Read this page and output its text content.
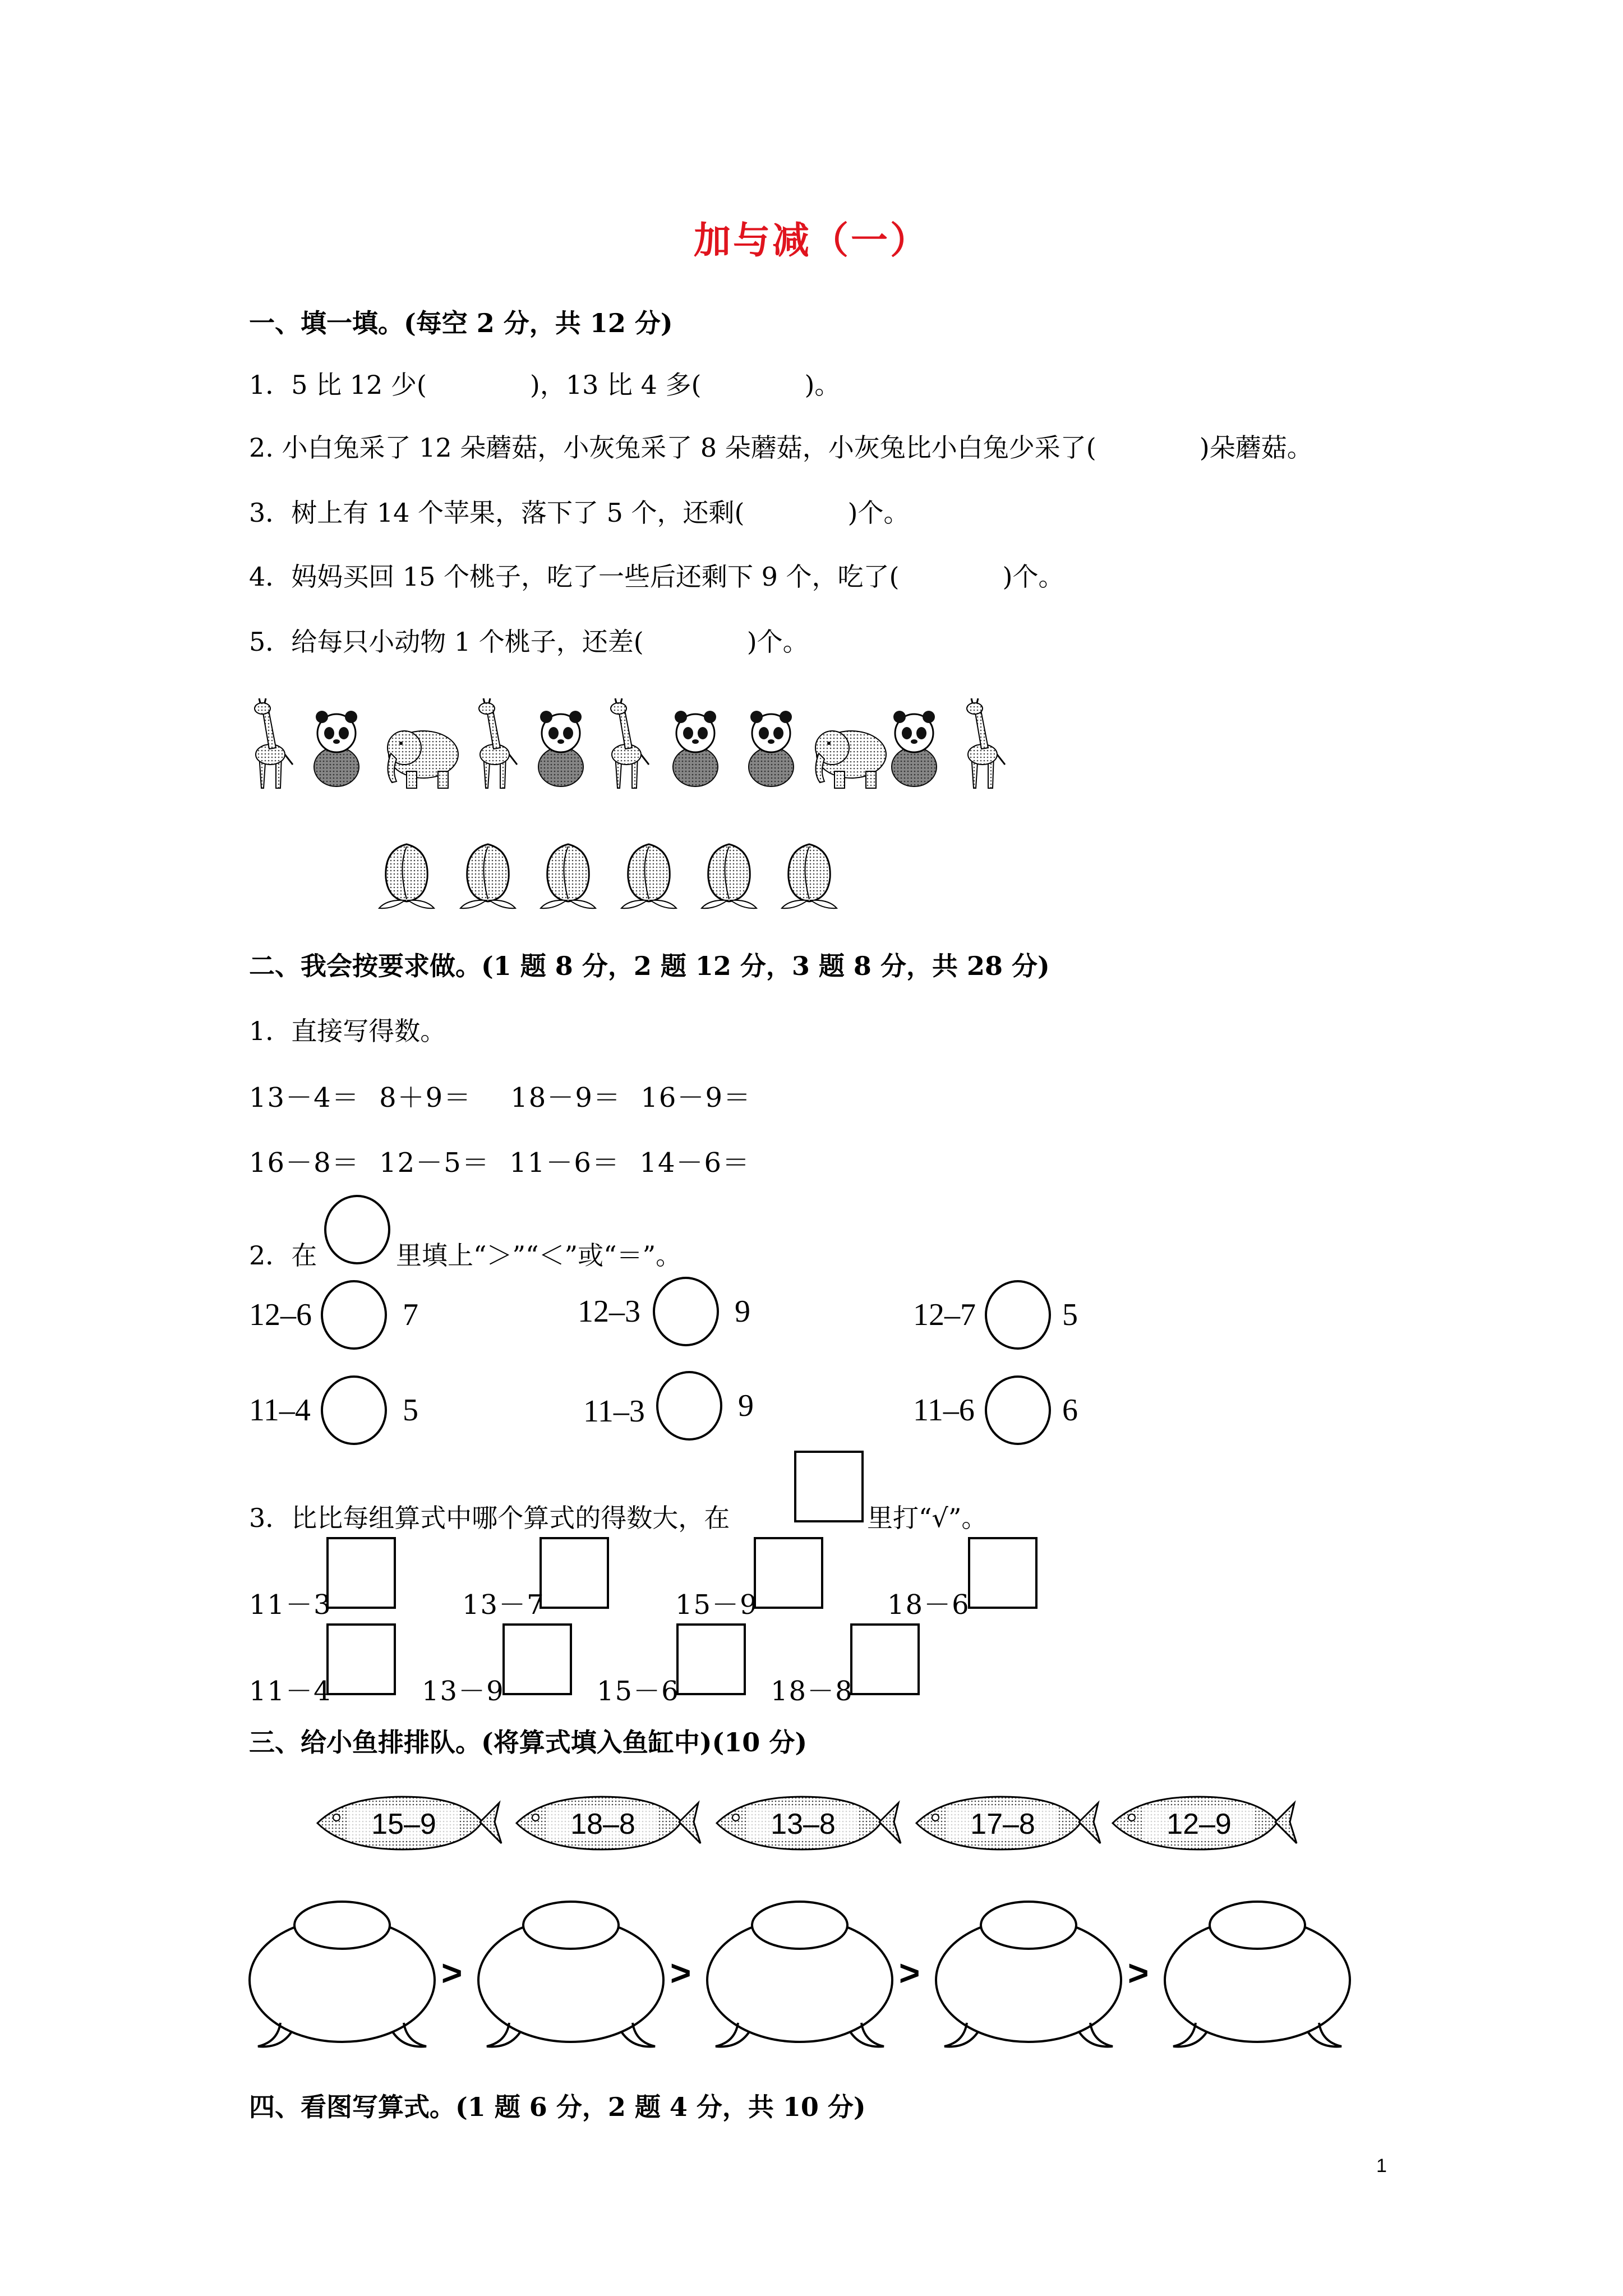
加与减（一）
一、填一填。(每空 2 分，共 12 分)
1．5 比 12 少(　　　　)，13 比 4 多(　　　　)。
2. 小白兔采了 12 朵蘑菇，小灰兔采了 8 朵蘑菇，小灰兔比小白兔少采了(　　　　)朵蘑菇。
3．树上有 14 个苹果，落下了 5 个，还剩(　　　　)个。
4．妈妈买回 15 个桃子，吃了一些后还剩下 9 个，吃了(　　　　)个。
5．给每只小动物 1 个桃子，还差(　　　　)个。
二、我会按要求做。(1 题 8 分，2 题 12 分，3 题 8 分，共 28 分)
1．直接写得数。
13－4＝  8＋9＝    18－9＝  16－9＝
16－8＝  12－5＝  11－6＝  14－6＝
2．在	里填上“＞”“＜”或“＝”。
12–6	7	12–3	9	12–7	5
11–4	5	11–3	9	11–6	6
3．比比每组算式中哪个算式的得数大，在	里打“√”。
11－3	13－7	15－9	18－6
11－4	13－9	15－6	18－8
三、给小鱼排排队。(将算式填入鱼缸中)(10 分)
15–9	18–8	13–8	17–8	12–9
>	>	>	>
四、看图写算式。(1 题 6 分，2 题 4 分，共 10 分)
1
